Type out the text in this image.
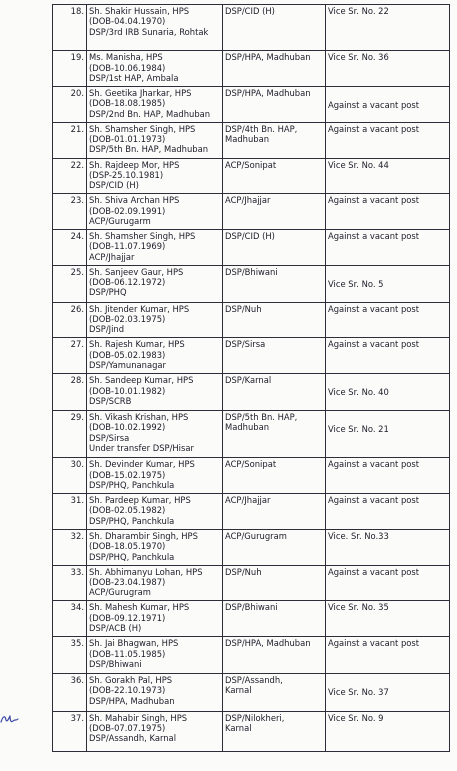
18.	Sh. Shakir Hussain, HPS
(DOB-04.04.1970)
DSP/3rd IRB Sunaria, Rohtak	DSP/CID (H)	Vice Sr. No. 22

19.	Ms. Manisha, HPS
(DOB-10.06.1984)
DSP/1st HAP, Ambala	DSP/HPA, Madhuban	Vice Sr. No. 36

20.	Sh. Geetika Jharkar, HPS
(DOB-18.08.1985)
DSP/2nd Bn. HAP, Madhuban	DSP/HPA, Madhuban	Against a vacant post

21.	Sh. Shamsher Singh, HPS
(DOB-01.01.1973)
DSP/5th Bn. HAP, Madhuban	DSP/4th Bn. HAP,
Madhuban	Against a vacant post

22.	Sh. Rajdeep Mor, HPS
(DSP-25.10.1981)
DSP/CID (H)	ACP/Sonipat	Vice Sr. No. 44

23.	Sh. Shiva Archan HPS
(DOB-02.09.1991)
ACP/Gurugarm	ACP/Jhajjar	Against a vacant post

24.	Sh. Shamsher Singh, HPS
(DOB-11.07.1969)
ACP/Jhajjar	DSP/CID (H)	Against a vacant post

25.	Sh. Sanjeev Gaur, HPS
(DOB-06.12.1972)
DSP/PHQ	DSP/Bhiwani	Vice Sr. No. 5

26.	Sh. Jitender Kumar, HPS
(DOB-02.03.1975)
DSP/Jind	DSP/Nuh	Against a vacant post

27.	Sh. Rajesh Kumar, HPS
(DOB-05.02.1983)
DSP/Yamunanagar	DSP/Sirsa	Against a vacant post

28.	Sh. Sandeep Kumar, HPS
(DOB-10.01.1982)
DSP/SCRB	DSP/Karnal	Vice Sr. No. 40

29.	Sh. Vikash Krishan, HPS
(DOB-10.02.1992)
DSP/Sirsa
Under transfer DSP/Hisar	DSP/5th Bn. HAP,
Madhuban	Vice Sr. No. 21

30.	Sh. Devinder Kumar, HPS
(DOB-15.02.1975)
DSP/PHQ, Panchkula	ACP/Sonipat	Against a vacant post

31.	Sh. Pardeep Kumar, HPS
(DOB-02.05.1982)
DSP/PHQ, Panchkula	ACP/Jhajjar	Against a vacant post

32.	Sh. Dharambir Singh, HPS
(DOB-18.05.1970)
DSP/PHQ, Panchkula	ACP/Gurugram	Vice. Sr. No.33

33.	Sh. Abhimanyu Lohan, HPS
(DOB-23.04.1987)
ACP/Gurugram	DSP/Nuh	Against a vacant post

34.	Sh. Mahesh Kumar, HPS
(DOB-09.12.1971)
DSP/ACB (H)	DSP/Bhiwani	Vice Sr. No. 35

35.	Sh. Jai Bhagwan, HPS
(DOB-11.05.1985)
DSP/Bhiwani	DSP/HPA, Madhuban	Against a vacant post

36.	Sh. Gorakh Pal, HPS
(DOB-22.10.1973)
DSP/HPA, Madhuban	DSP/Assandh,
Karnal	Vice Sr. No. 37

37.	Sh. Mahabir Singh, HPS
(DOB-07.07.1975)
DSP/Assandh, Karnal	DSP/Nilokheri,
Karnal	Vice Sr. No. 9
